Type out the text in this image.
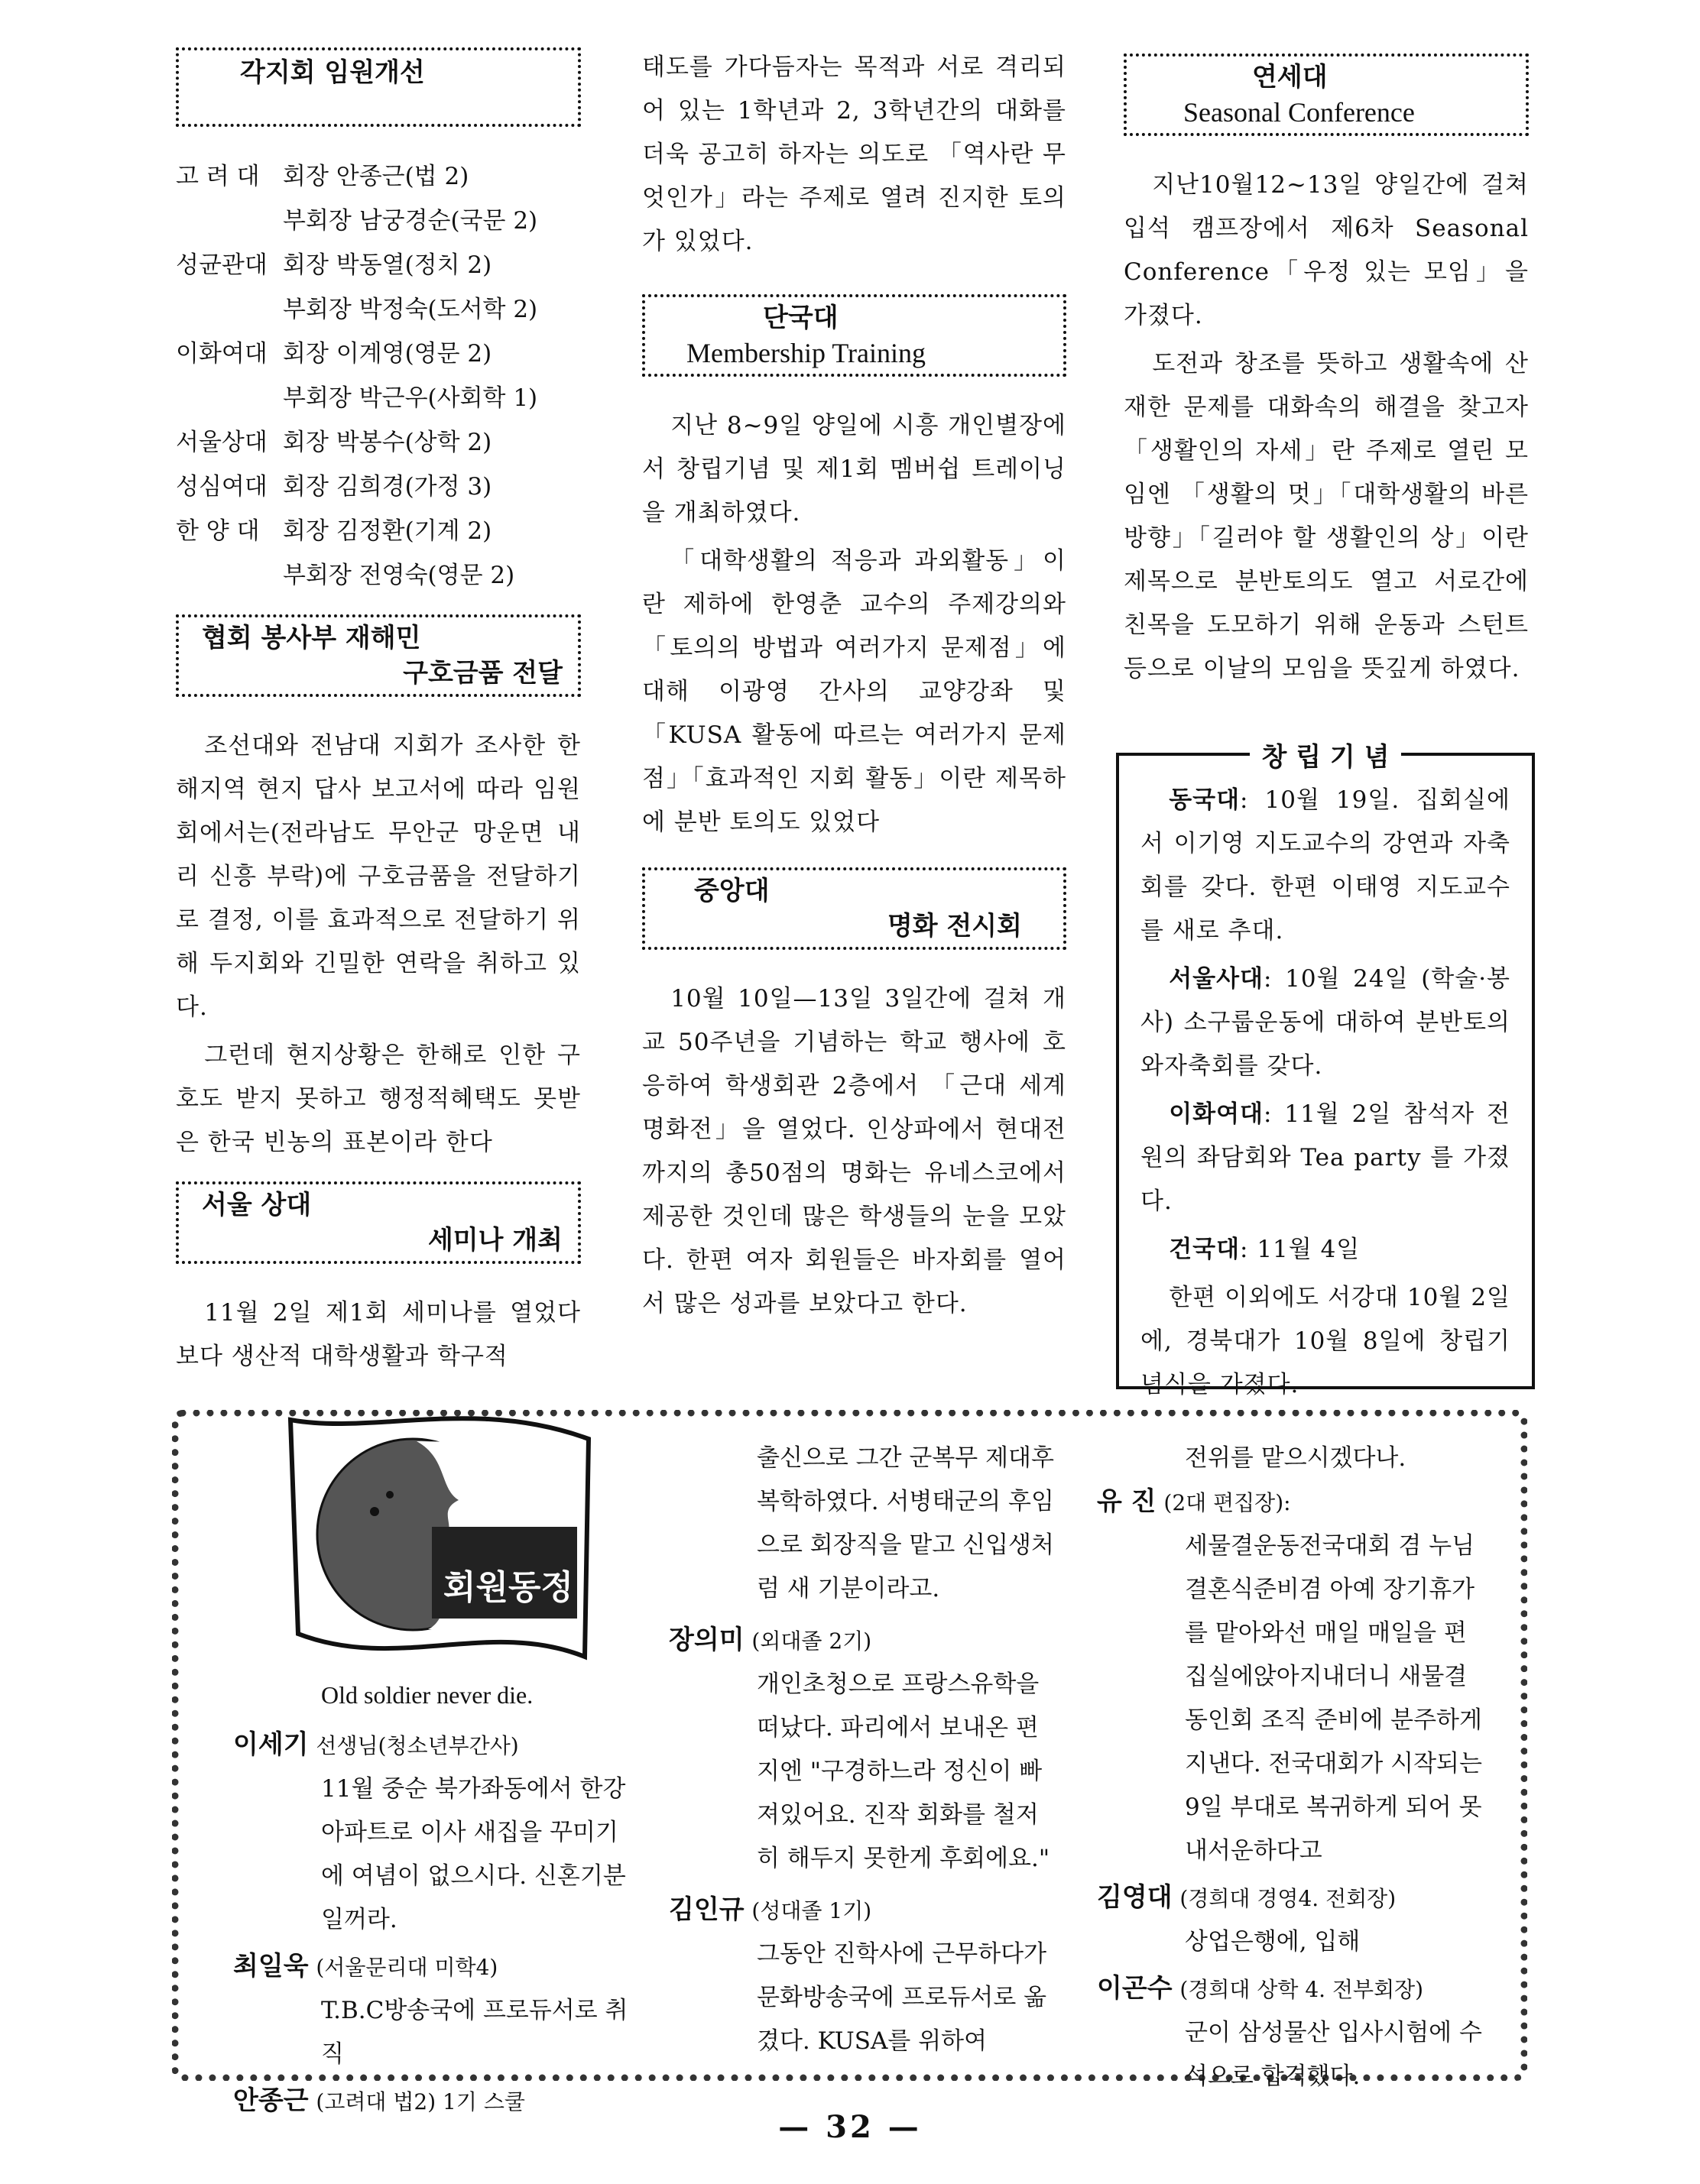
각지회 임원개선
고 려 대 회장 안종근(법 2)
부회장 남궁경순(국문 2)
성균관대 회장 박동열(정치 2)
부회장 박정숙(도서학 2)
이화여대 회장 이계영(영문 2)
부회장 박근우(사회학 1)
서울상대 회장 박봉수(상학 2)
성심여대 회장 김희경(가정 3)
한 양 대 회장 김정환(기계 2)
부회장 전영숙(영문 2)
협회 봉사부 재해민
구호금품 전달

조선대와 전남대 지회가 조사한 한해지역 현지 답사 보고서에 따라 임원회에서는(전라남도 무안군 망운면 내리 신흥 부락)에 구호금품을 전달하기로 결정, 이를 효과적으로 전달하기 위해 두지회와 긴밀한 연락을 취하고 있다.

그런데 현지상황은 한해로 인한 구호도 받지 못하고 행정적혜택도 못받은 한국 빈농의 표본이라 한다

서울 상대
세미나 개최

11월 2일 제1회 세미나를 열었다 보다 생산적 대학생활과 학구적

태도를 가다듬자는 목적과 서로 격리되어 있는 1학년과 2, 3학년간의 대화를 더욱 공고히 하자는 의도로 「역사란 무엇인가」라는 주제로 열려 진지한 토의가 있었다.

단국대
Membership Training

지난 8~9일 양일에 시흥 개인별장에서 창립기념 및 제1회 멤버쉽 트레이닝을 개최하였다.

「대학생활의 적응과 과외활동」이란 제하에 한영춘 교수의 주제강의와 「토의의 방법과 여러가지 문제점」에 대해 이광영 간사의 교양강좌 및 「KUSA 활동에 따르는 여러가지 문제점」「효과적인 지회 활동」이란 제목하에 분반 토의도 있었다

중앙대
명화 전시회

10월 10일—13일 3일간에 걸쳐 개교 50주년을 기념하는 학교 행사에 호응하여 학생회관 2층에서 「근대 세계 명화전」을 열었다. 인상파에서 현대전까지의 총50점의 명화는 유네스코에서 제공한 것인데 많은 학생들의 눈을 모았다. 한편 여자 회원들은 바자회를 열어서 많은 성과를 보았다고 한다.

연세대
Seasonal Conference

지난10월12~13일 양일간에 걸쳐 입석 캠프장에서 제6차 Seasonal Conference「우정 있는 모임」을 가졌다.

도전과 창조를 뜻하고 생활속에 산재한 문제를 대화속의 해결을 찾고자 「생활인의 자세」란 주제로 열린 모임엔 「생활의 멋」「대학생활의 바른 방향」「길러야 할 생활인의 상」이란 제목으로 분반토의도 열고 서로간에 친목을 도모하기 위해 운동과 스턴트 등으로 이날의 모임을 뜻깊게 하였다.

창 립 기 념

동국대: 10월 19일. 집회실에서 이기영 지도교수의 강연과 자축회를 갖다. 한편 이태영 지도교수를 새로 추대.

서울사대: 10월 24일 (학술·봉사) 소구룹운동에 대하여 분반토의와자축회를 갖다.

이화여대: 11월 2일 참석자 전원의 좌담회와 Tea party 를 가졌다.

건국대: 11월 4일

한편 이외에도 서강대 10월 2일에, 경북대가 10월 8일에 창립기념식을 가졌다.

회원동정
Old soldier never die.
이세기 선생님(청소년부간사)
11월 중순 북가좌동에서 한강아파트로 이사 새집을 꾸미기에 여념이 없으시다. 신혼기분일꺼라.
최일욱 (서울문리대 미학4)
T.B.C방송국에 프로듀서로 취직
안종근 (고려대 법2) 1기 스쿨
출신으로 그간 군복무 제대후 복학하였다. 서병태군의 후임으로 회장직을 맡고 신입생처럼 새 기분이라고.
장의미 (외대졸 2기)
개인초청으로 프랑스유학을 떠났다. 파리에서 보내온 편지엔 "구경하느라 정신이 빠져있어요. 진작 회화를 철저히 해두지 못한게 후회에요."
김인규 (성대졸 1기)
그동안 진학사에 근무하다가 문화방송국에 프로듀서로 옮겼다. KUSA를 위하여
전위를 맡으시겠다나.
유 진 (2대 편집장):
세물결운동전국대회 겸 누님결혼식준비겸 아예 장기휴가를 맡아와선 매일 매일을 편집실에앉아지내더니 새물결동인회 조직 준비에 분주하게 지낸다. 전국대회가 시작되는 9일 부대로 복귀하게 되어 못내서운하다고
김영대 (경희대 경영4. 전회장)
상업은행에, 입해
이곤수 (경희대 상학 4. 전부회장)
군이 삼성물산 입사시험에 수석으로 합격했다.
— 32 —
